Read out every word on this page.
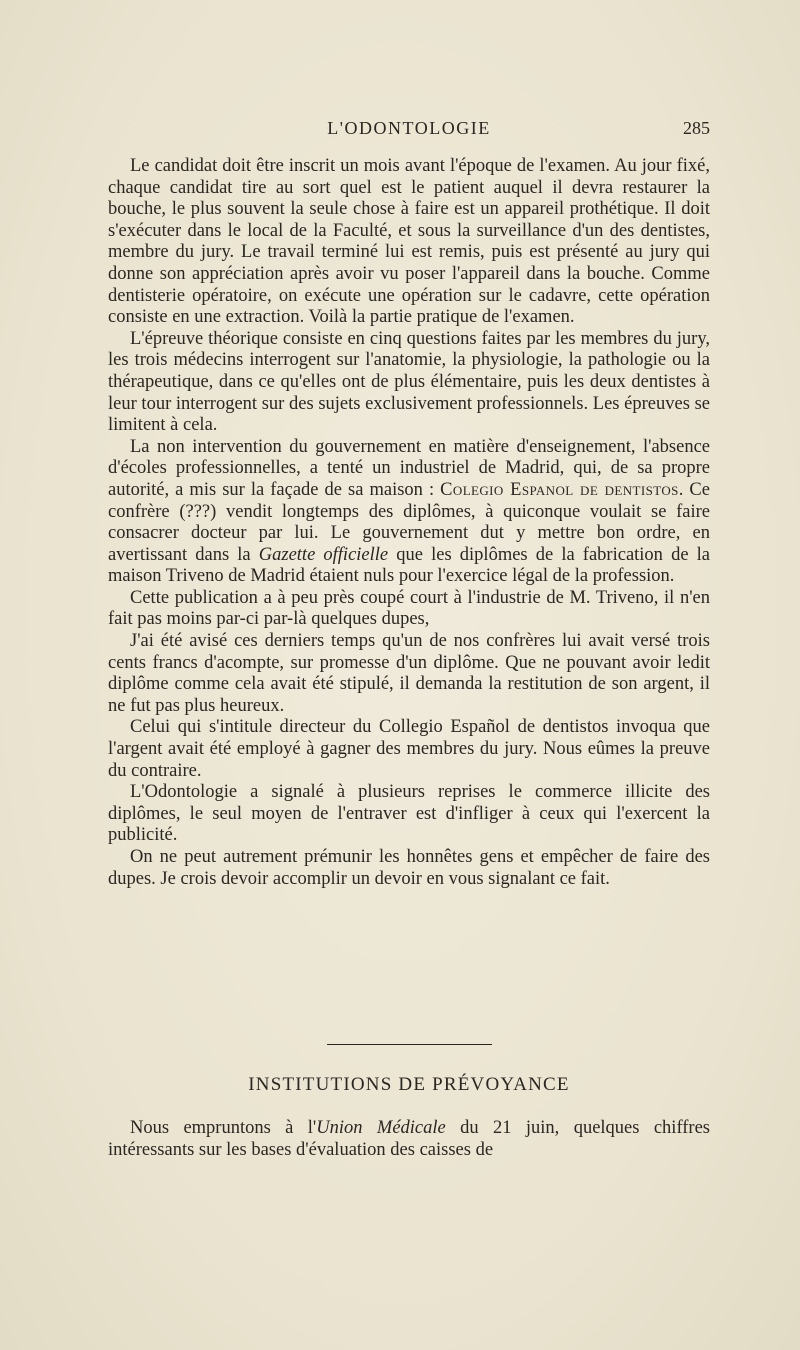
L'ODONTOLOGIE	285

Le candidat doit être inscrit un mois avant l'époque de l'examen. Au jour fixé, chaque candidat tire au sort quel est le patient auquel il devra restaurer la bouche, le plus souvent la seule chose à faire est un appareil prothétique. Il doit s'exécuter dans le local de la Faculté, et sous la surveillance d'un des dentistes, membre du jury. Le travail terminé lui est remis, puis est présenté au jury qui donne son appréciation après avoir vu poser l'appareil dans la bouche. Comme dentisterie opératoire, on exécute une opération sur le cadavre, cette opération consiste en une extraction. Voilà la partie pratique de l'examen.

L'épreuve théorique consiste en cinq questions faites par les membres du jury, les trois médecins interrogent sur l'anatomie, la physiologie, la pathologie ou la thérapeutique, dans ce qu'elles ont de plus élémentaire, puis les deux dentistes à leur tour interrogent sur des sujets exclusivement professionnels. Les épreuves se limitent à cela.

La non intervention du gouvernement en matière d'enseignement, l'absence d'écoles professionnelles, a tenté un industriel de Madrid, qui, de sa propre autorité, a mis sur la façade de sa maison : Colegio Espanol de dentistos. Ce confrère (???) vendit longtemps des diplômes, à quiconque voulait se faire consacrer docteur par lui. Le gouvernement dut y mettre bon ordre, en avertissant dans la Gazette officielle que les diplômes de la fabrication de la maison Triveno de Madrid étaient nuls pour l'exercice légal de la profession.

Cette publication a à peu près coupé court à l'industrie de M. Triveno, il n'en fait pas moins par-ci par-là quelques dupes,

J'ai été avisé ces derniers temps qu'un de nos confrères lui avait versé trois cents francs d'acompte, sur promesse d'un diplôme. Que ne pouvant avoir ledit diplôme comme cela avait été stipulé, il demanda la restitution de son argent, il ne fut pas plus heureux.

Celui qui s'intitule directeur du Collegio Español de dentistos invoqua que l'argent avait été employé à gagner des membres du jury. Nous eûmes la preuve du contraire.

L'Odontologie a signalé à plusieurs reprises le commerce illicite des diplômes, le seul moyen de l'entraver est d'infliger à ceux qui l'exercent la publicité.

On ne peut autrement prémunir les honnêtes gens et empêcher de faire des dupes. Je crois devoir accomplir un devoir en vous signalant ce fait.

INSTITUTIONS DE PRÉVOYANCE

Nous empruntons à l'Union Médicale du 21 juin, quelques chiffres intéressants sur les bases d'évaluation des caisses de
